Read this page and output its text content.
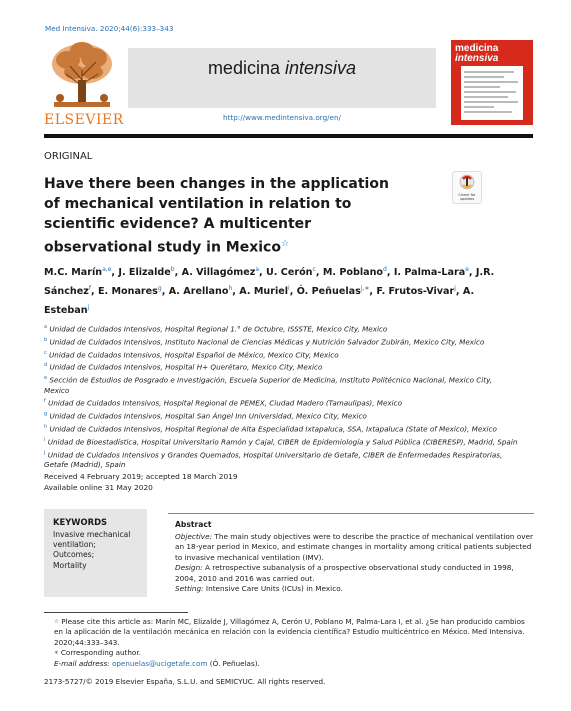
Med Intensiva. 2020;44(6):333–343
ELSEVIER
medicina intensiva
http://www.medintensiva.org/en/
medicina
intensiva
ORIGINAL
Have there been changes in the application of mechanical ventilation in relation to scientific evidence? A multicenter observational study in Mexico☆
Check for updates
M.C. Marín$^{a,e}$, J. Elizalde$^b$, A. Villagómez$^a$, U. Cerón$^c$, M. Poblano$^d$, I. Palma-Lara$^e$, J.R. Sánchez$^f$, E. Monares$^g$, A. Arellano$^h$, A. Muriel$^i$, Ó. Peñuelas$^{j,∗}$, F. Frutos-Vivar$^j$, A. Esteban$^j$
$^a$ Unidad de Cuidados Intensivos, Hospital Regional 1.° de Octubre, ISSSTE, Mexico City, Mexico
$^b$ Unidad de Cuidados Intensivos, Instituto Nacional de Ciencias Médicas y Nutrición Salvador Zubirán, Mexico City, Mexico
$^c$ Unidad de Cuidados Intensivos, Hospital Español de México, Mexico City, Mexico
$^d$ Unidad de Cuidados Intensivos, Hospital H+ Querétaro, Mexico City, Mexico
$^e$ Sección de Estudios de Posgrado e Investigación, Escuela Superior de Medicina, Instituto Politécnico Nacional, Mexico City, Mexico
$^f$ Unidad de Cuidados Intensivos, Hospital Regional de PEMEX, Ciudad Madero (Tamaulipas), Mexico
$^g$ Unidad de Cuidados Intensivos, Hospital San Ángel Inn Universidad, Mexico City, Mexico
$^h$ Unidad de Cuidados Intensivos, Hospital Regional de Alta Especialidad Ixtapaluca, SSA, Ixtapaluca (State of Mexico), Mexico
$^i$ Unidad de Bioestadística, Hospital Universitario Ramón y Cajal, CIBER de Epidemiología y Salud Pública (CIBERESP), Madrid, Spain
$^j$ Unidad de Cuidados Intensivos y Grandes Quemados, Hospital Universitario de Getafe, CIBER de Enfermedades Respiratorias, Getafe (Madrid), Spain
Received 4 February 2019; accepted 18 March 2019
Available online 31 May 2020
KEYWORDS
Invasive mechanical ventilation;
Outcomes;
Mortality
Abstract
Objective: The main study objectives were to describe the practice of mechanical ventilation over an 18-year period in Mexico, and estimate changes in mortality among critical patients subjected to invasive mechanical ventilation (IMV).
Design: A retrospective subanalysis of a prospective observational study conducted in 1998, 2004, 2010 and 2016 was carried out.
Setting: Intensive Care Units (ICUs) in Mexico.
☆ Please cite this article as: Marín MC, Elizalde J, Villagómez A, Cerón U, Poblano M, Palma-Lara I, et al. ¿Se han producido cambios en la aplicación de la ventilación mecánica en relación con la evidencia científica? Estudio multicéntrico en México. Med Intensiva. 2020;44:333–343.
∗ Corresponding author.
E-mail address: openuelas@ucigetafe.com (Ó. Peñuelas).
2173-5727/© 2019 Elsevier España, S.L.U. and SEMICYUC. All rights reserved.
